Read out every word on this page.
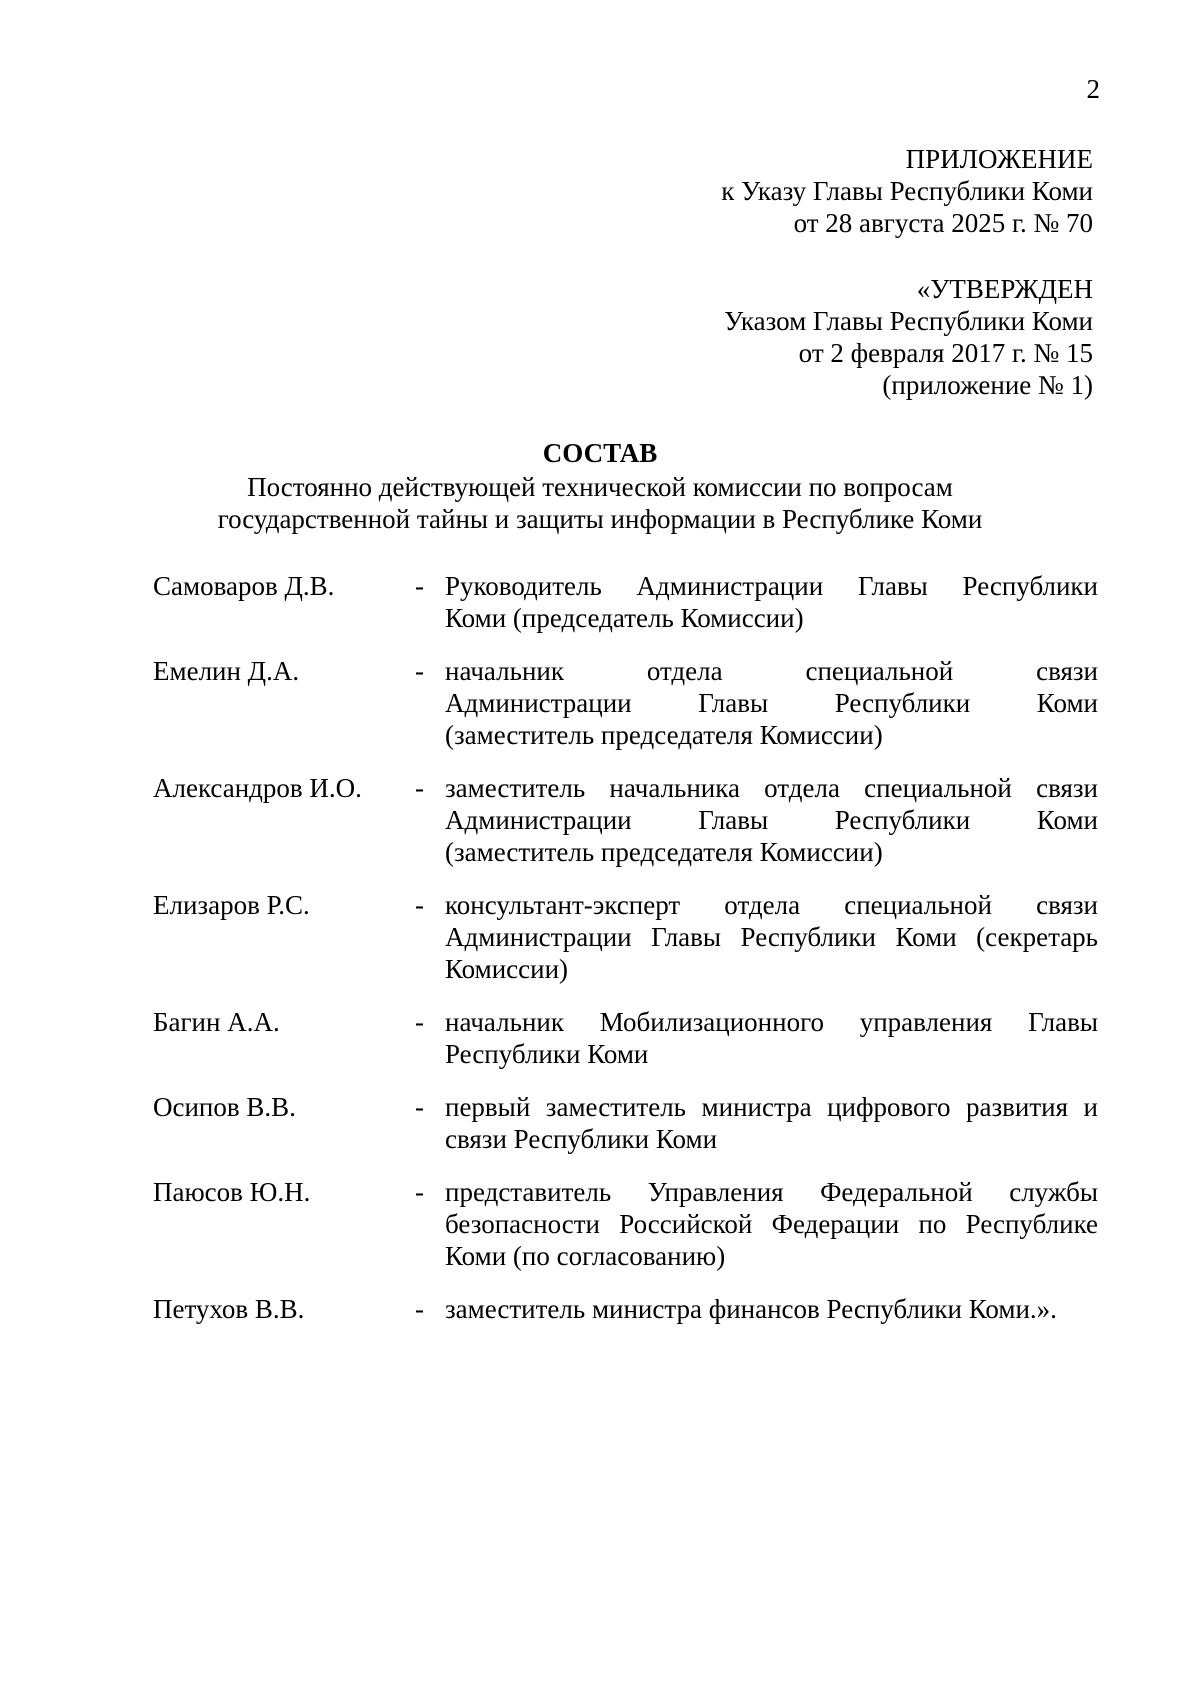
2
ПРИЛОЖЕНИЕ
к Указу Главы Республики Коми
от 28 августа 2025 г. № 70
«УТВЕРЖДЕН
Указом Главы Республики Коми
от 2 февраля 2017 г. № 15
(приложение № 1)
СОСТАВ
Постоянно действующей технической комиссии по вопросам
государственной тайны и защиты информации в Республике Коми
Самоваров Д.В.	- Руководитель Администрации Главы Республики
Коми (председатель Комиссии)
Емелин Д.А.	- начальник отдела специальной связи
Администрации Главы Республики Коми
(заместитель председателя Комиссии)
Александров И.О.	- заместитель начальника отдела специальной связи
Администрации Главы Республики Коми
(заместитель председателя Комиссии)
Елизаров Р.С.	- консультант-эксперт отдела специальной связи
Администрации Главы Республики Коми (секретарь
Комиссии)
Багин А.А.	- начальник Мобилизационного управления Главы
Республики Коми
Осипов В.В.	- первый заместитель министра цифрового развития и
связи Республики Коми
Паюсов Ю.Н.	- представитель Управления Федеральной службы
безопасности Российской Федерации по Республике
Коми (по согласованию)
Петухов В.В.	- заместитель министра финансов Республики Коми.».
